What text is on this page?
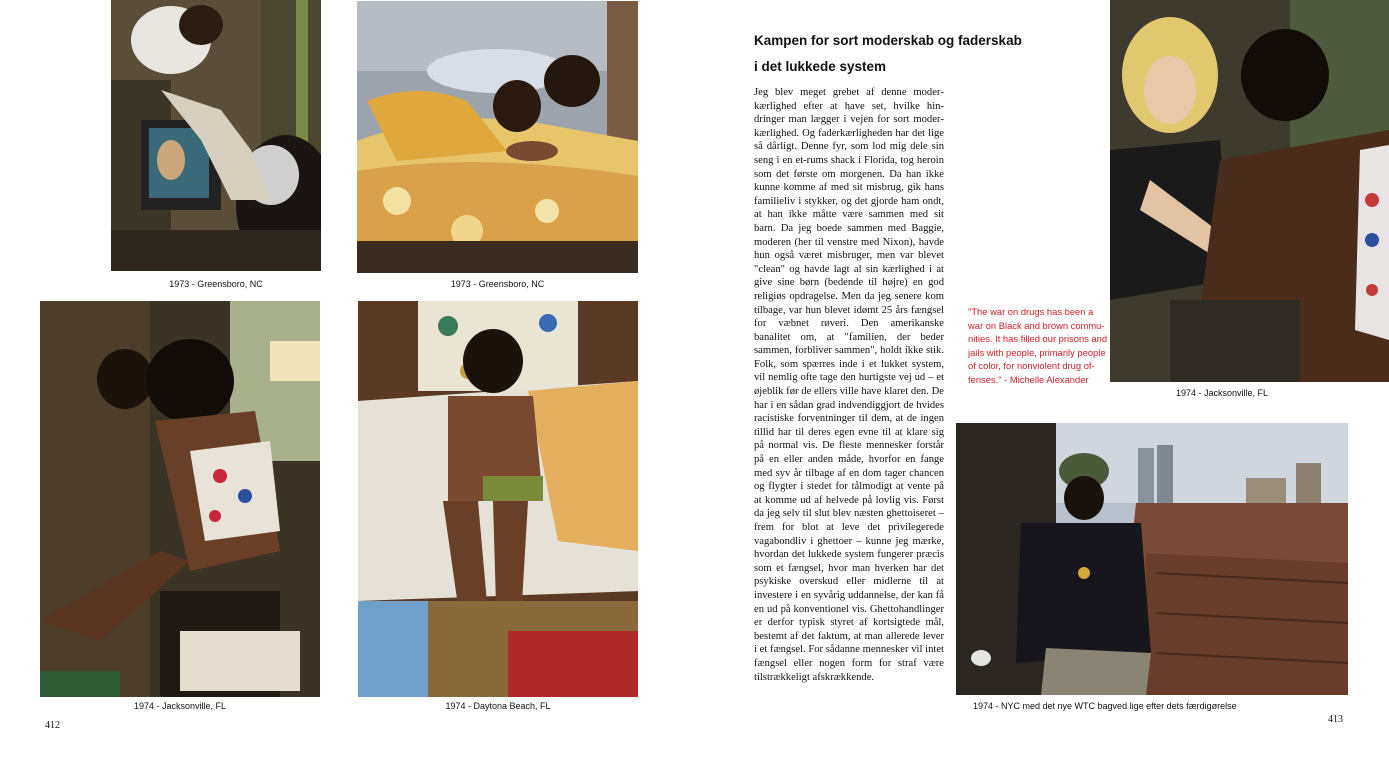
1973 - Greensboro, NC	1973 - Greensboro, NC
1974 - Jacksonville, FL	1974 - Daytona Beach, FL
1974 - Jacksonville, FL
1974 - NYC med det nye WTC bagved lige efter dets færdigørelse
Kampen for sort moderskab og faderskab
i det lukkede system
Jeg blev meget grebet af denne moderkærlighed efter at have set, hvilke hindringer man lægger i vejen for sort moderkærlighed. Og faderkærligheden har det lige så dårligt. Denne fyr, som lod mig dele sin seng i en et-rums shack i Florida, tog heroin som det første om morgenen. Da han ikke kunne komme af med sit misbrug, gik hans familieliv i stykker, og det gjorde ham ondt, at han ikke måtte være sammen med sit barn. Da jeg boede sammen med Baggie, moderen (her til venstre med Nixon), havde hun også været misbruger, men var blevet "clean" og havde lagt al sin kærlighed i at give sine børn (bedende til højre) en god religiøs opdragelse. Men da jeg senere kom tilbage, var hun blevet idømt 25 års fængsel for væbnet røveri. Den amerikanske banalitet om, at "familien, der beder sammen, forbliver sammen", holdt ikke stik. Folk, som spærres inde i et lukket system, vil nemlig ofte tage den hurtigste vej ud – et øjeblik før de ellers ville have klaret den. De har i en sådan grad indvendiggjort de hvides racistiske forventninger til dem, at de ingen tillid har til deres egen evne til at klare sig på normal vis. De fleste mennesker forstår på en eller anden måde, hvorfor en fange med syv år tilbage af en dom tager chancen og flygter i stedet for tålmodigt at vente på at komme ud af helvede på lovlig vis. Først da jeg selv til slut blev næsten ghettoiseret – frem for blot at leve det privilegerede vagabondliv i ghettoer – kunne jeg mærke, hvordan det lukkede system fungerer præcis som et fængsel, hvor man hverken har det psykiske overskud eller midlerne til at investere i en syvårig uddannelse, der kan få en ud på konventionel vis. Ghettohandlinger er derfor typisk styret af kortsigtede mål, bestemt af det faktum, at man allerede lever i et fængsel. For sådanne mennesker vil intet fængsel eller nogen form for straf være tilstrækkeligt afskrækkende.
"The war on drugs has been a war on Black and brown communities. It has filled our prisons and jails with people, primarily people of color, for nonviolent drug offenses." - Michelle Alexander
412
413
